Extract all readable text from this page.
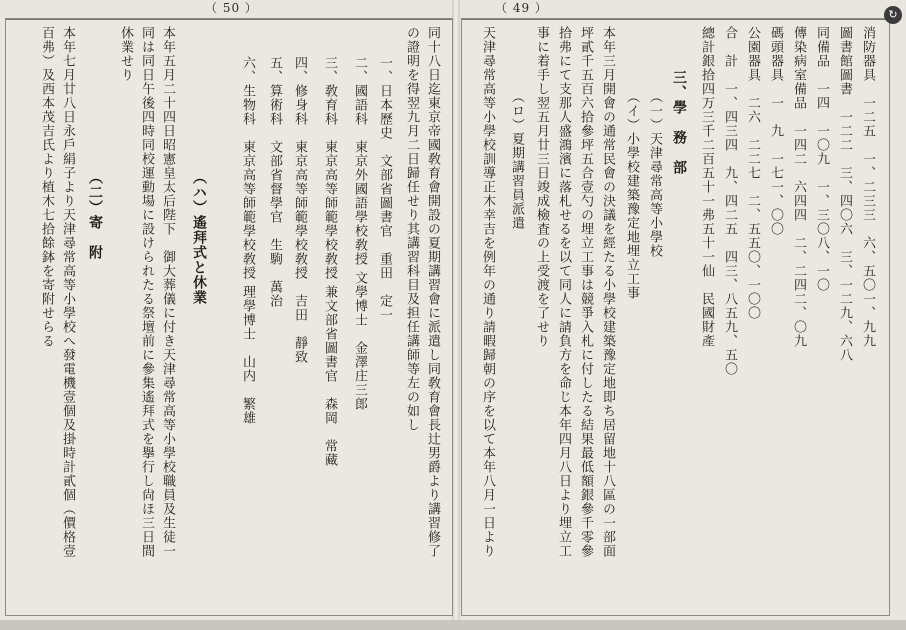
（ 50 ）
同十八日迄東京帝國敎育會開設の夏期講習會に派遣し同敎育會長辻男爵より講習修了
の證明を得翌九月二日歸任せり其講習科目及担任講師等左の如し
一、日本歷史　文部省圖書官　重田　定一
二、國語科　東京外國語學校敎授 文學博士　金澤庄三郎
三、敎育科　東京高等師範學校敎授 兼文部省圖書官　森岡　常藏
四、修身科　東京高等師範學校敎授　吉田　靜致
五、算術科　文部省督學官　生駒　萬治
六、生物科　東京高等師範學校敎授 理學博士　山内　繁雄
（ハ）遙拜式と休業
本年五月二十四日昭憲皇太后陛下　御大葬儀に付き天津尋常高等小學校職員及生徒一
同は同日午後四時同校運動場に設けられたる祭壇前に參集遙拜式を擧行し尙ほ三日間
休業せり
（二）寄　附
本年七月廿八日永戶絹子より天津尋常高等小學校へ發電機壹個及掛時計貳個（價格壹
百弗）及西本茂吉氏より植木七拾餘鉢を寄附せらる
（ 49 ）
消防器具　一二五　一、二三三　六、五〇一、九九
圖書館圖書　一二二　三、四〇六　三、一二九、六八
同備品　一四　一〇九　一、三〇八、一〇
傳染病室備品　一四二　六四四　二、二四二、〇九
碼頭器具　一　九　一七一、〇〇
公園器具　二六　二二七　二、五五〇、一〇〇
合　計　一、四三四　九、四二五　四三、八五九、五〇
總計銀拾四万三千二百五十一弗五十一仙　民國財產
三、學　務　部
（一）天津尋常高等小學校
（イ）小學校建築豫定地埋立工事
本年三月開會の通常民會の決議を經たる小學校建築豫定地即ち居留地十八區の一部面
坪貳千五百六拾參坪五合壹勺の埋立工事は競爭入札に付したる結果最低額銀參千零參
拾弗にて支那人盛鴻濱に落札せるを以て同人に請負方を命じ本年四月八日より埋立工
事に着手し翌五月廿三日竣成檢査の上受渡を了せり
（ロ）夏期講習員派遣
天津尋常高等小學校訓導正木幸吉を例年の通り請暇歸朝の序を以て本年八月一日より
↻
